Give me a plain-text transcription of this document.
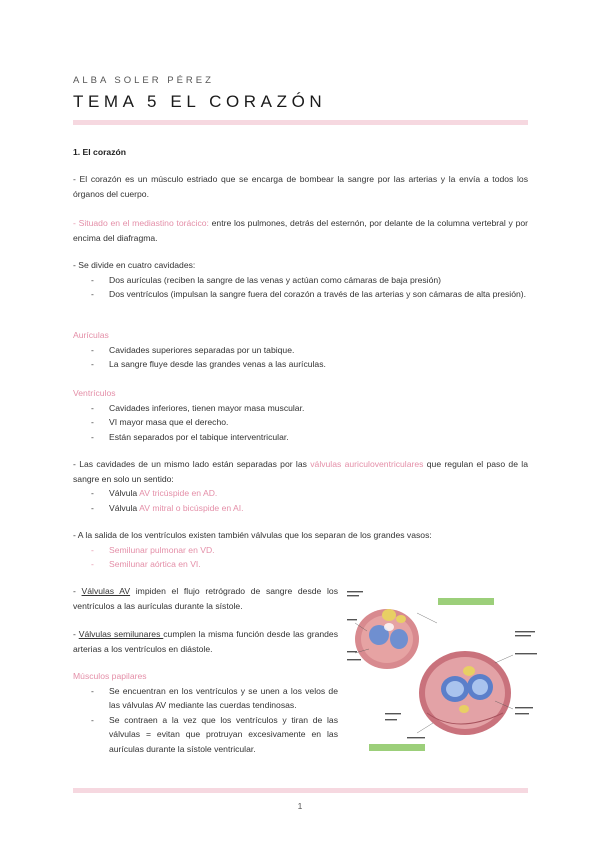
ALBA SOLER PÉREZ
TEMA 5 EL CORAZÓN
1. El corazón
- El corazón es un músculo estriado que se encarga de bombear la sangre por las arterias y la envía a todos los órganos del cuerpo.
- Situado en el mediastino torácico: entre los pulmones, detrás del esternón, por delante de la columna vertebral y por encima del diafragma.
- Se divide en cuatro cavidades:
- Dos aurículas (reciben la sangre de las venas y actúan como cámaras de baja presión)
- Dos ventrículos (impulsan la sangre fuera del corazón a través de las arterias y son cámaras de alta presión).
Aurículas
- Cavidades superiores separadas por un tabique.
- La sangre fluye desde las grandes venas a las aurículas.
Ventrículos
- Cavidades inferiores, tienen mayor masa muscular.
- VI mayor masa que el derecho.
- Están separados por el tabique interventricular.
- Las cavidades de un mismo lado están separadas por las válvulas auriculoventriculares que regulan el paso de la sangre en solo un sentido:
- Válvula AV tricúspide en AD.
- Válvula AV mitral o bicúspide en AI.
- A la salida de los ventrículos existen también válvulas que los separan de los grandes vasos:
- Semilunar pulmonar en VD.
- Semilunar aórtica en VI.
- Válvulas AV impiden el flujo retrógrado de sangre desde los ventrículos a las aurículas durante la sístole.
- Válvulas semilunares cumplen la misma función desde las grandes arterias a los ventrículos en diástole.
Músculos papilares
- Se encuentran en los ventrículos y se unen a los velos de las válvulas AV mediante las cuerdas tendinosas.
- Se contraen a la vez que los ventrículos y tiran de las válvulas = evitan que protruyan excesivamente en las aurículas durante la sístole ventricular.
1
